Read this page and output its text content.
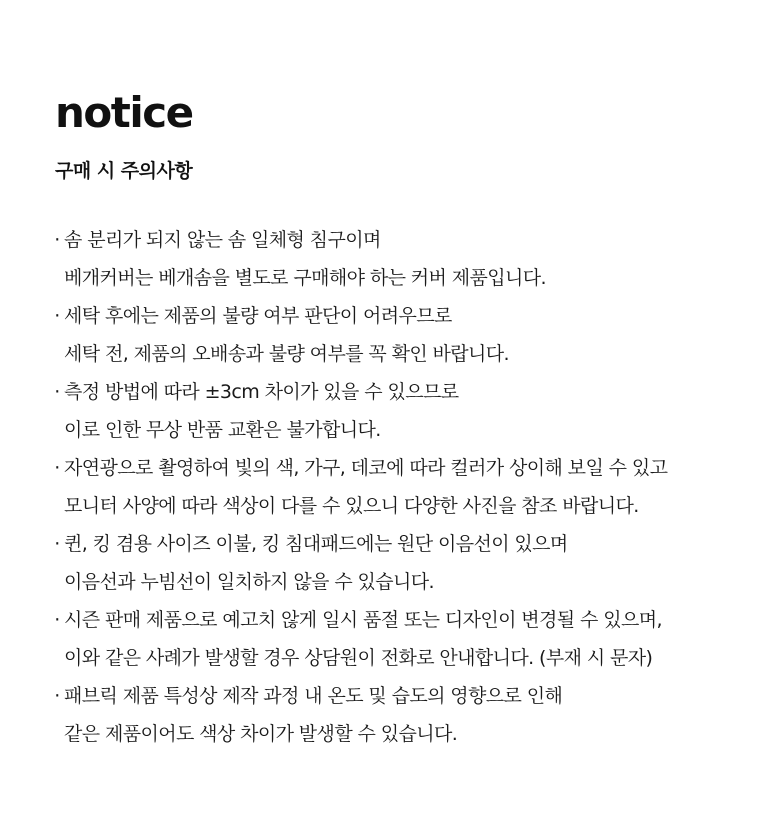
notice
구매 시 주의사항
· 솜 분리가 되지 않는 솜 일체형 침구이며
베개커버는 베개솜을 별도로 구매해야 하는 커버 제품입니다.
· 세탁 후에는 제품의 불량 여부 판단이 어려우므로
세탁 전, 제품의 오배송과 불량 여부를 꼭 확인 바랍니다.
· 측정 방법에 따라 ±3cm 차이가 있을 수 있으므로
이로 인한 무상 반품 교환은 불가합니다.
· 자연광으로 촬영하여 빛의 색, 가구, 데코에 따라 컬러가 상이해 보일 수 있고
모니터 사양에 따라 색상이 다를 수 있으니 다양한 사진을 참조 바랍니다.
· 퀸, 킹 겸용 사이즈 이불, 킹 침대패드에는 원단 이음선이 있으며
이음선과 누빔선이 일치하지 않을 수 있습니다.
· 시즌 판매 제품으로 예고치 않게 일시 품절 또는 디자인이 변경될 수 있으며,
이와 같은 사례가 발생할 경우 상담원이 전화로 안내합니다. (부재 시 문자)
· 패브릭 제품 특성상 제작 과정 내 온도 및 습도의 영향으로 인해
같은 제품이어도 색상 차이가 발생할 수 있습니다.
